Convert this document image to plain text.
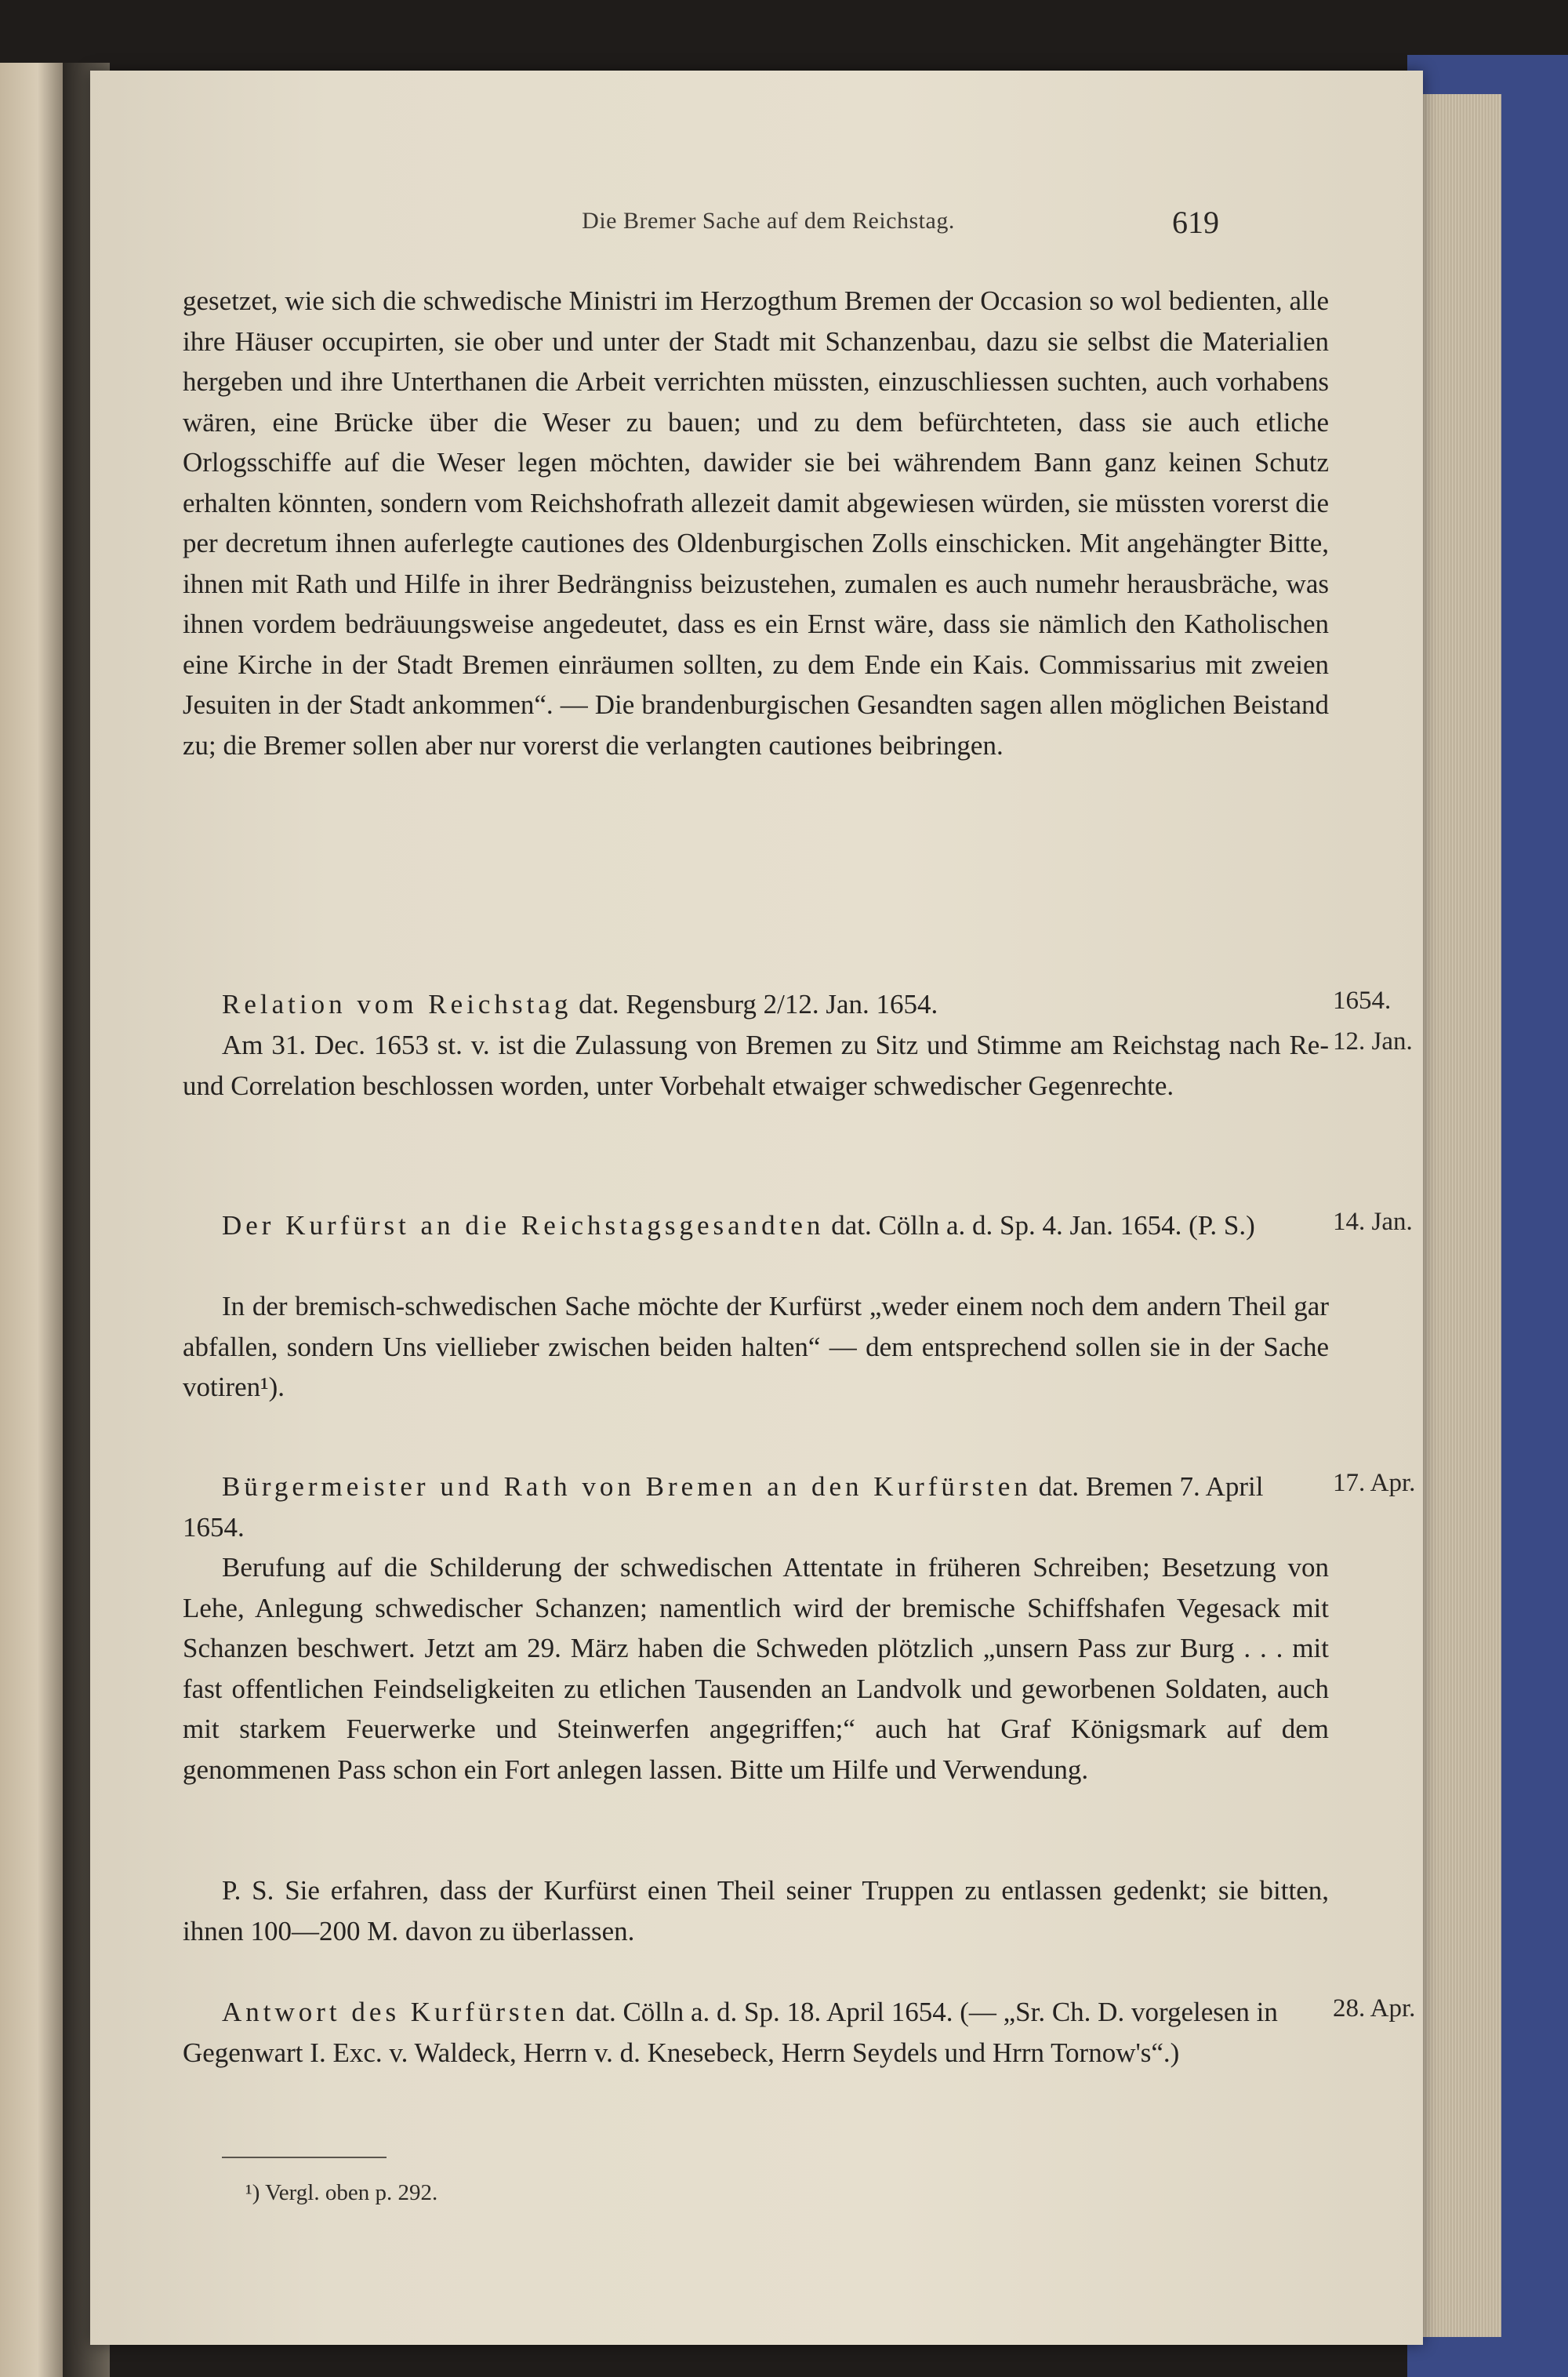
Die Bremer Sache auf dem Reichstag.	619

gesetzet, wie sich die schwedische Ministri im Herzogthum Bremen der Occasion so wol bedienten, alle ihre Häuser occupirten, sie ober und unter der Stadt mit Schanzenbau, dazu sie selbst die Materialien hergeben und ihre Unterthanen die Arbeit verrichten müssten, einzuschliessen suchten, auch vorhabens wären, eine Brücke über die Weser zu bauen; und zu dem befürchteten, dass sie auch etliche Orlogsschiffe auf die Weser legen möchten, dawider sie bei währendem Bann ganz keinen Schutz erhalten könnten, sondern vom Reichshofrath allezeit damit abgewiesen würden, sie müssten vorerst die per decretum ihnen auferlegte cautiones des Oldenburgischen Zolls einschicken. Mit angehängter Bitte, ihnen mit Rath und Hilfe in ihrer Bedrängniss beizustehen, zumalen es auch numehr herausbräche, was ihnen vordem bedräuungsweise angedeutet, dass es ein Ernst wäre, dass sie nämlich den Katholischen eine Kirche in der Stadt Bremen einräumen sollten, zu dem Ende ein Kais. Commissarius mit zweien Jesuiten in der Stadt ankommen“. — Die brandenburgischen Gesandten sagen allen möglichen Beistand zu; die Bremer sollen aber nur vorerst die verlangten cautiones beibringen.

Relation vom Reichstag dat. Regensburg 2/12. Jan. 1654.

Am 31. Dec. 1653 st. v. ist die Zulassung von Bremen zu Sitz und Stimme am Reichstag nach Re- und Correlation beschlossen worden, unter Vorbehalt etwaiger schwedischer Gegenrechte.

1654.
12. Jan.

Der Kurfürst an die Reichstagsgesandten dat. Cölln a. d. Sp. 4. Jan. 1654. (P. S.)

In der bremisch-schwedischen Sache möchte der Kurfürst „weder einem noch dem andern Theil gar abfallen, sondern Uns viellieber zwischen beiden halten“ — dem entsprechend sollen sie in der Sache votiren¹).

14. Jan.

Bürgermeister und Rath von Bremen an den Kurfürsten dat. Bremen 7. April 1654.

Berufung auf die Schilderung der schwedischen Attentate in früheren Schreiben; Besetzung von Lehe, Anlegung schwedischer Schanzen; namentlich wird der bremische Schiffshafen Vegesack mit Schanzen beschwert. Jetzt am 29. März haben die Schweden plötzlich „unsern Pass zur Burg . . . mit fast offentlichen Feindseligkeiten zu etlichen Tausenden an Landvolk und geworbenen Soldaten, auch mit starkem Feuerwerke und Steinwerfen angegriffen;“ auch hat Graf Königsmark auf dem genommenen Pass schon ein Fort anlegen lassen. Bitte um Hilfe und Verwendung.

P. S. Sie erfahren, dass der Kurfürst einen Theil seiner Truppen zu entlassen gedenkt; sie bitten, ihnen 100—200 M. davon zu überlassen.

17. Apr.

Antwort des Kurfürsten dat. Cölln a. d. Sp. 18. April 1654. (— „Sr. Ch. D. vorgelesen in Gegenwart I. Exc. v. Waldeck, Herrn v. d. Knesebeck, Herrn Seydels und Hrrn Tornow's“.)

28. Apr.
¹) Vergl. oben p. 292.
